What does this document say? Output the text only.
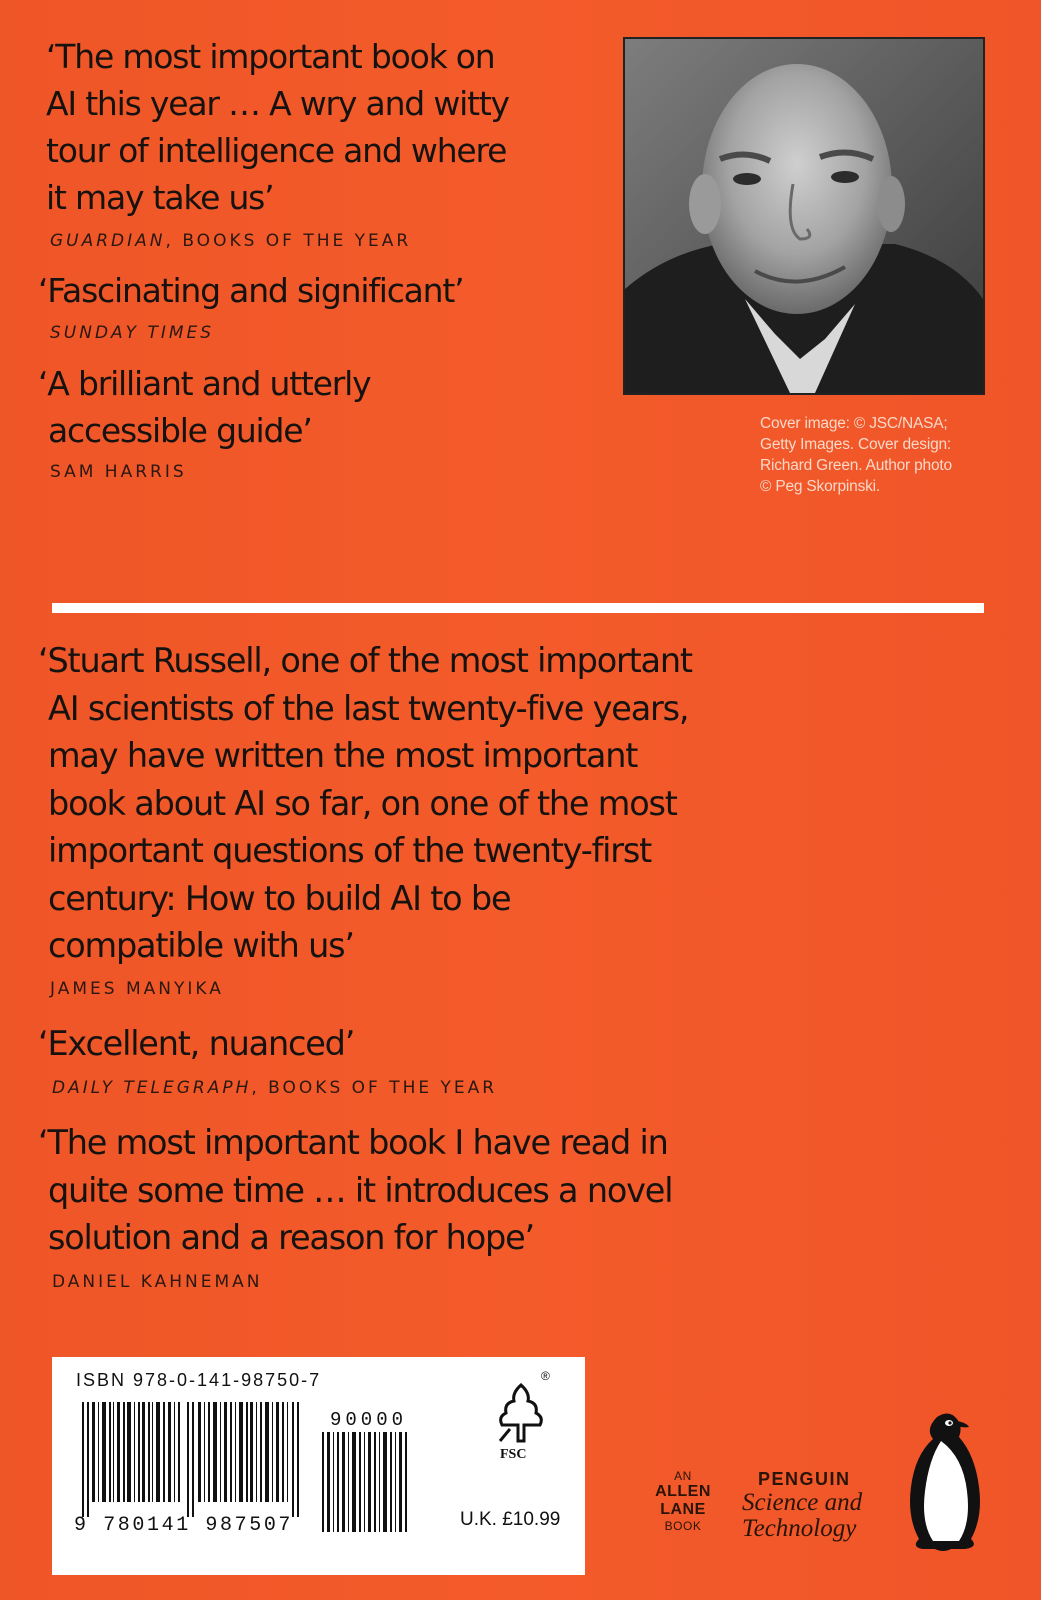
‘The most important book on
AI this year … A wry and witty
tour of intelligence and where
it may take us’
GUARDIAN, BOOKS OF THE YEAR
‘Fascinating and significant’
SUNDAY TIMES
‘A brilliant and utterly
accessible guide’
SAM HARRIS
Cover image: © JSC/NASA;
Getty Images. Cover design:
Richard Green. Author photo
© Peg Skorpinski.
‘Stuart Russell, one of the most important
AI scientists of the last twenty-five years,
may have written the most important
book about AI so far, on one of the most
important questions of the twenty-first
century: How to build AI to be
compatible with us’
JAMES MANYIKA
‘Excellent, nuanced’
DAILY TELEGRAPH, BOOKS OF THE YEAR
‘The most important book I have read in
quite some time … it introduces a novel
solution and a reason for hope’
DANIEL KAHNEMAN
ISBN 978-0-141-98750-7
9 780141 987507
90000
®
FSC
U.K. £10.99
AN
ALLEN
LANE
BOOK
PENGUIN
Science and
Technology
